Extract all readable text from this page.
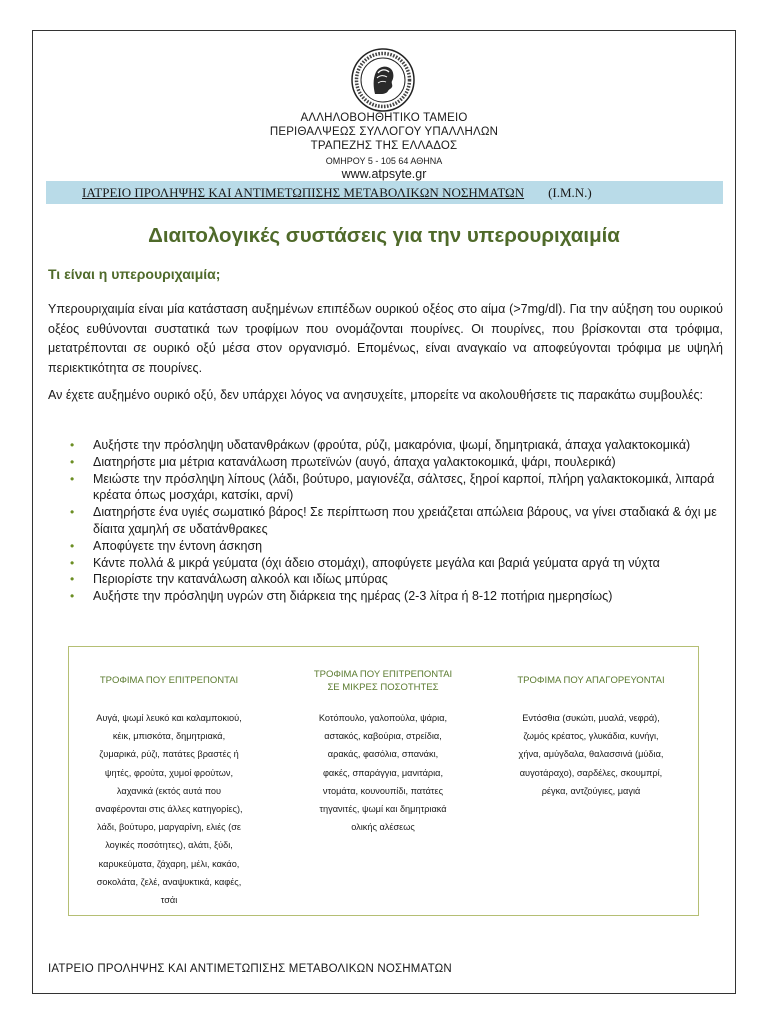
ΑΛΛΗΛΟΒΟΗΘΗΤΙΚΟ ΤΑΜΕΙΟ
ΠΕΡΙΘΑΛΨΕΩΣ ΣΥΛΛΟΓΟΥ ΥΠΑΛΛΗΛΩΝ
ΤΡΑΠΕΖΗΣ ΤΗΣ ΕΛΛΑΔΟΣ
ΟΜΗΡΟΥ 5 - 105 64 ΑΘΗΝΑ
www.atpsyte.gr
ΙΑΤΡΕΙΟ ΠΡΟΛΗΨΗΣ ΚΑΙ ΑΝΤΙΜΕΤΩΠΙΣΗΣ ΜΕΤΑΒΟΛΙΚΩΝ ΝΟΣΗΜΑΤΩΝ (Ι.Μ.Ν.)
Διαιτολογικές συστάσεις για την υπερουριχαιμία
Τι είναι η υπερουριχαιμία;

Υπερουριχαιμία είναι μία κατάσταση αυξημένων επιπέδων ουρικού οξέος στο αίμα (>7mg/dl). Για την αύξηση του ουρικού οξέος ευθύνονται συστατικά των τροφίμων που ονομάζονται πουρίνες. Οι πουρίνες, που βρίσκονται στα τρόφιμα, μετατρέπονται σε ουρικό οξύ μέσα στον οργανισμό. Επομένως, είναι αναγκαίο να αποφεύγονται τρόφιμα με υψηλή περιεκτικότητα σε πουρίνες.

Αν έχετε αυξημένο ουρικό οξύ, δεν υπάρχει λόγος να ανησυχείτε, μπορείτε να ακολουθήσετε τις παρακάτω συμβουλές:

• Αυξήστε την πρόσληψη υδατανθράκων (φρούτα, ρύζι, μακαρόνια, ψωμί, δημητριακά, άπαχα γαλακτοκομικά)
• Διατηρήστε μια μέτρια κατανάλωση πρωτεϊνών (αυγό, άπαχα γαλακτοκομικά, ψάρι, πουλερικά)
• Μειώστε την πρόσληψη λίπους (λάδι, βούτυρο, μαγιονέζα, σάλτσες, ξηροί καρποί, πλήρη γαλακτοκομικά, λιπαρά κρέατα όπως μοσχάρι, κατσίκι, αρνί)
• Διατηρήστε ένα υγιές σωματικό βάρος! Σε περίπτωση που χρειάζεται απώλεια βάρους, να γίνει σταδιακά & όχι με δίαιτα χαμηλή σε υδατάνθρακες
• Αποφύγετε την έντονη άσκηση
• Κάντε πολλά & μικρά γεύματα (όχι άδειο στομάχι), αποφύγετε μεγάλα και βαριά γεύματα αργά τη νύχτα
• Περιορίστε την κατανάλωση αλκοόλ και ιδίως μπύρας
• Αυξήστε την πρόσληψη υγρών στη διάρκεια της ημέρας (2-3 λίτρα ή 8-12 ποτήρια ημερησίως)
ΤΡΟΦΙΜΑ ΠΟΥ ΕΠΙΤΡΕΠΟΝΤΑΙ
Αυγά, ψωμί λευκό και καλαμποκιού,
κέικ, μπισκότα, δημητριακά,
ζυμαρικά, ρύζι, πατάτες βραστές ή
ψητές, φρούτα, χυμοί φρούτων,
λαχανικά (εκτός αυτά που
αναφέρονται στις άλλες κατηγορίες),
λάδι, βούτυρο, μαργαρίνη, ελιές (σε
λογικές ποσότητες), αλάτι, ξύδι,
καρυκεύματα, ζάχαρη, μέλι, κακάο,
σοκολάτα, ζελέ, αναψυκτικά, καφές,
τσάι
ΤΡΟΦΙΜΑ ΠΟΥ ΕΠΙΤΡΕΠΟΝΤΑΙ
ΣΕ ΜΙΚΡΕΣ ΠΟΣΟΤΗΤΕΣ
Κοτόπουλο, γαλοπούλα, ψάρια,
αστακός, καβούρια, στρείδια,
αρακάς, φασόλια, σπανάκι,
φακές, σπαράγγια, μανιτάρια,
ντομάτα, κουνουπίδι, πατάτες
τηγανιτές, ψωμί και δημητριακά
ολικής αλέσεως
ΤΡΟΦΙΜΑ ΠΟΥ ΑΠΑΓΟΡΕΥΟΝΤΑΙ
Εντόσθια (συκώτι, μυαλά, νεφρά),
ζωμός κρέατος, γλυκάδια, κυνήγι,
χήνα, αμύγδαλα, θαλασσινά (μύδια,
αυγοτάραχο), σαρδέλες, σκουμπρί,
ρέγκα, αντζούγιες, μαγιά
ΙΑΤΡΕΙΟ ΠΡΟΛΗΨΗΣ ΚΑΙ ΑΝΤΙΜΕΤΩΠΙΣΗΣ ΜΕΤΑΒΟΛΙΚΩΝ ΝΟΣΗΜΑΤΩΝ
